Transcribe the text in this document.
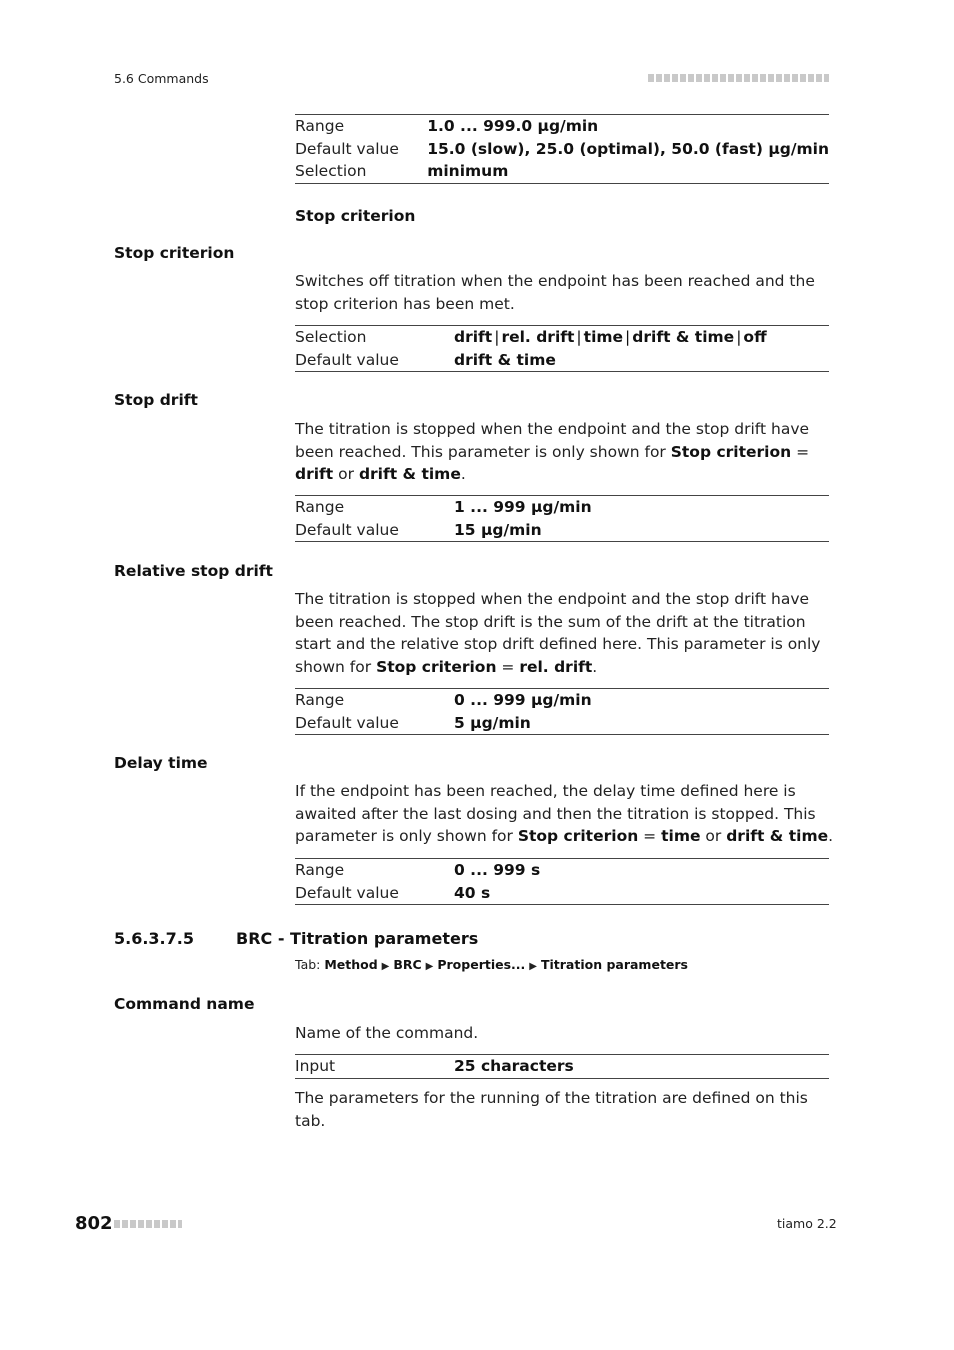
5.6 Commands
Range	1.0 ... 999.0 µg/min
Default value	15.0 (slow), 25.0 (optimal), 50.0 (fast) µg/min
Selection	minimum
Stop criterion
Stop criterion
Switches off titration when the endpoint has been reached and the stop criterion has been met.
Selection	drift | rel. drift | time | drift & time | off
Default value	drift & time
Stop drift
The titration is stopped when the endpoint and the stop drift have been reached. This parameter is only shown for Stop criterion = drift or drift & time.
Range	1 ... 999 µg/min
Default value	15 µg/min
Relative stop drift
The titration is stopped when the endpoint and the stop drift have been reached. The stop drift is the sum of the drift at the titration start and the relative stop drift defined here. This parameter is only shown for Stop criterion = rel. drift.
Range	0 ... 999 µg/min
Default value	5 µg/min
Delay time
If the endpoint has been reached, the delay time defined here is awaited after the last dosing and then the titration is stopped. This parameter is only shown for Stop criterion = time or drift & time.
Range	0 ... 999 s
Default value	40 s
5.6.3.7.5	BRC - Titration parameters
Tab: Method ▶ BRC ▶ Properties... ▶ Titration parameters
Command name
Name of the command.
Input	25 characters
The parameters for the running of the titration are defined on this tab.
802	tiamo 2.2
